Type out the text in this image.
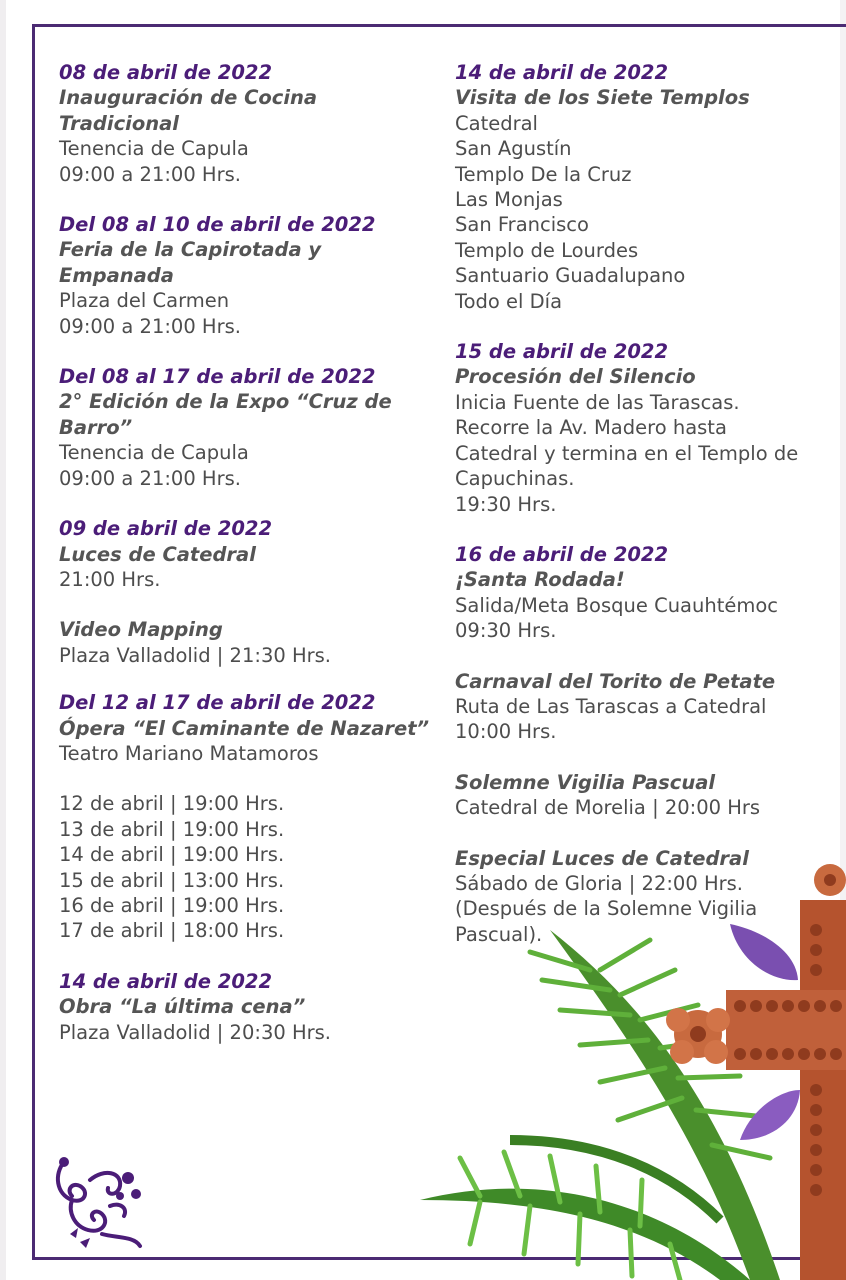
08 de abril de 2022
Inauguración de Cocina
Tradicional
Tenencia de Capula
09:00 a 21:00 Hrs.
Del 08 al 10 de abril de 2022
Feria de la Capirotada y
Empanada
Plaza del Carmen
09:00 a 21:00 Hrs.
Del 08 al 17 de abril de 2022
2° Edición de la Expo “Cruz de
Barro”
Tenencia de Capula
09:00 a 21:00 Hrs.
09 de abril de 2022
Luces de Catedral
21:00 Hrs.
Video Mapping
Plaza Valladolid | 21:30 Hrs.
Del 12 al 17 de abril de 2022
Ópera “El Caminante de Nazaret”
Teatro Mariano Matamoros
12 de abril | 19:00 Hrs.
13 de abril | 19:00 Hrs.
14 de abril | 19:00 Hrs.
15 de abril | 13:00 Hrs.
16 de abril | 19:00 Hrs.
17 de abril | 18:00 Hrs.
14 de abril de 2022
Obra “La última cena”
Plaza Valladolid | 20:30 Hrs.
14 de abril de 2022
Visita de los Siete Templos
Catedral
San Agustín
Templo De la Cruz
Las Monjas
San Francisco
Templo de Lourdes
Santuario Guadalupano
Todo el Día
15 de abril de 2022
Procesión del Silencio
Inicia Fuente de las Tarascas.
Recorre la Av. Madero hasta
Catedral y termina en el Templo de
Capuchinas.
19:30 Hrs.
16 de abril de 2022
¡Santa Rodada!
Salida/Meta Bosque Cuauhtémoc
09:30 Hrs.
Carnaval del Torito de Petate
Ruta de Las Tarascas a Catedral
10:00 Hrs.
Solemne Vigilia Pascual
Catedral de Morelia | 20:00 Hrs
Especial Luces de Catedral
Sábado de Gloria | 22:00 Hrs.
(Después de la Solemne Vigilia
Pascual).
